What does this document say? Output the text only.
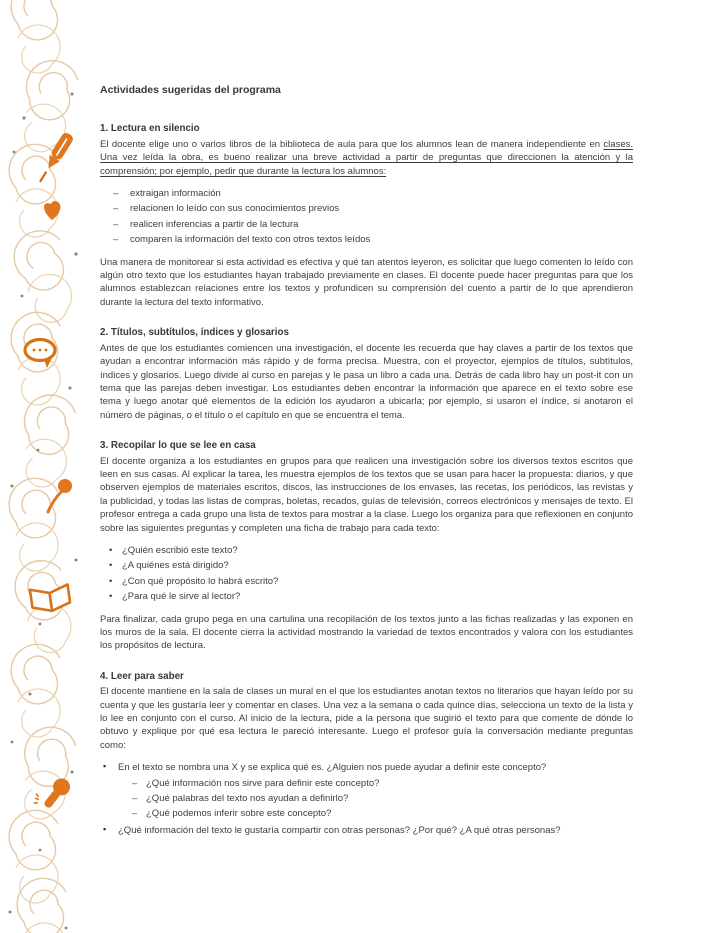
Actividades sugeridas del programa
1. Lectura en silencio

El docente elige uno o varios libros de la biblioteca de aula para que los alumnos lean de manera independiente en clases. Una vez leída la obra, es bueno realizar una breve actividad a partir de preguntas que direccionen la atención y la comprensión; por ejemplo, pedir que durante la lectura los alumnos:

– extraigan información
– relacionen lo leído con sus conocimientos previos
– realicen inferencias a partir de la lectura
– comparen la información del texto con otros textos leídos

Una manera de monitorear si esta actividad es efectiva y qué tan atentos leyeron, es solicitar que luego comenten lo leído con algún otro texto que los estudiantes hayan trabajado previamente en clases. El docente puede hacer preguntas para que los alumnos establezcan relaciones entre los textos y profundicen su comprensión del cuento a partir de lo que aprendieron durante la lectura del texto informativo.

2. Títulos, subtítulos, índices y glosarios

Antes de que los estudiantes comiencen una investigación, el docente les recuerda que hay claves a partir de los textos que ayudan a encontrar información más rápido y de forma precisa. Muestra, con el proyector, ejemplos de títulos, subtítulos, índices y glosarios. Luego divide al curso en parejas y le pasa un libro a cada una. Detrás de cada libro hay un post-it con un tema que las parejas deben investigar. Los estudiantes deben encontrar la información que aparece en el texto sobre ese tema y luego anotar qué elementos de la edición los ayudaron a ubicarla; por ejemplo, si usaron el índice, si anotaron el número de páginas, o el título o el capítulo en que se encuentra el tema.

3. Recopilar lo que se lee en casa

El docente organiza a los estudiantes en grupos para que realicen una investigación sobre los diversos textos escritos que leen en sus casas. Al explicar la tarea, les muestra ejemplos de los textos que se usan para hacer la propuesta: diarios, y que observen ejemplos de materiales escritos, discos, las instrucciones de los envases, las recetas, los periódicos, las revistas y la publicidad, y todas las listas de compras, boletas, recados, guías de televisión, correos electrónicos y mensajes de texto. El profesor entrega a cada grupo una lista de textos para mostrar a la clase. Luego los organiza para que reflexionen en conjunto sobre las siguientes preguntas y completen una ficha de trabajo para cada texto:

• ¿Quién escribió este texto?
• ¿A quiénes está dirigido?
• ¿Con qué propósito lo habrá escrito?
• ¿Para qué le sirve al lector?

Para finalizar, cada grupo pega en una cartulina una recopilación de los textos junto a las fichas realizadas y las exponen en los muros de la sala. El docente cierra la actividad mostrando la variedad de textos encontrados y valora con los estudiantes los propósitos de lectura.

4. Leer para saber

El docente mantiene en la sala de clases un mural en el que los estudiantes anotan textos no literarios que hayan leído por su cuenta y que les gustaría leer y comentar en clases. Una vez a la semana o cada quince días, selecciona un texto de la lista y lo lee en conjunto con el curso. Al inicio de la lectura, pide a la persona que sugirió el texto para que comente de dónde lo obtuvo y explique por qué esa lectura le pareció interesante. Luego el profesor guía la conversación mediante preguntas como:

▪ En el texto se nombra una X y se explica qué es. ¿Alguien nos puede ayudar a definir este concepto?
– ¿Qué información nos sirve para definir este concepto?
– ¿Qué palabras del texto nos ayudan a definirlo?
– ¿Qué podemos inferir sobre este concepto?
▪ ¿Qué información del texto le gustaría compartir con otras personas? ¿Por qué? ¿A qué otras personas?
